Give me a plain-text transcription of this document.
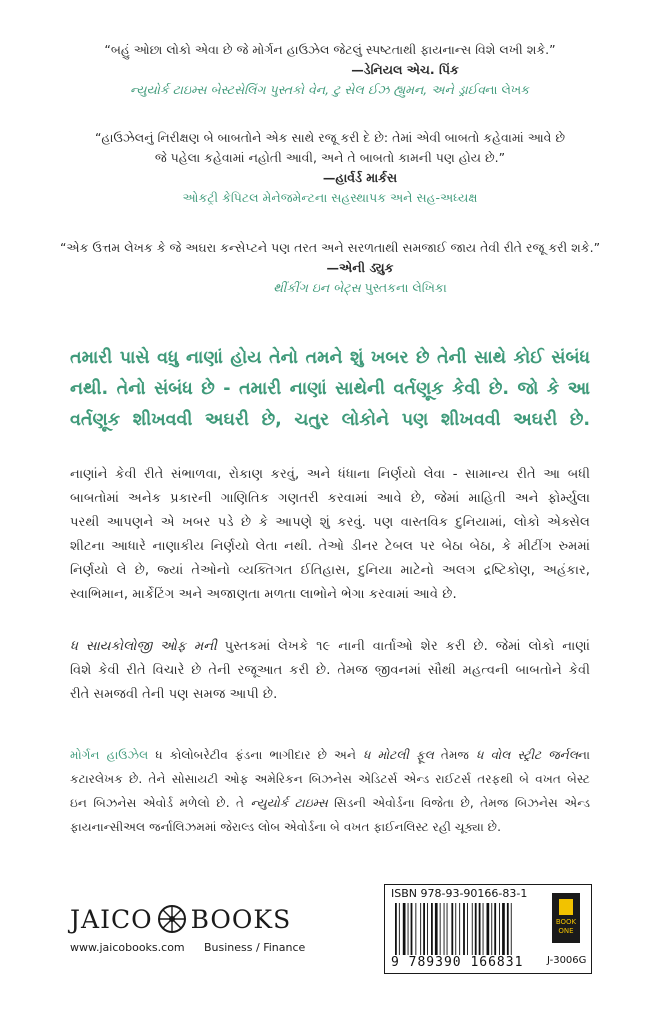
“બહું ઓછા લોકો એવા છે જે મોર્ગન હાઉઝેલ જેટલું સ્પષ્ટતાથી ફાયનાન્સ વિશે લખી શકે.”
—ડેનિયલ એચ. પિંક
ન્યુયોર્ક ટાઇમ્સ બેસ્ટસેલિંગ પુસ્તકો વેન, ટુ સેલ ઈઝ હ્યુમન, અને ડ્રાઈવના લેખક
“હાઉઝેલનું નિરીક્ષણ બે બાબતોને એક સાથે રજૂ કરી દે છે: તેમાં એવી બાબતો કહેવામાં આવે છે
જે પહેલા કહેવામાં નહોતી આવી, અને તે બાબતો કામની પણ હોય છે.”
—હાર્વર્ડ માર્કસ
ઓકટ્રી કેપિટલ મેનેજમેન્ટના સહસ્થાપક અને સહ-અધ્યક્ષ
“એક ઉત્તમ લેખક કે જે અઘરા કન્સેપ્ટને પણ તરત અને સરળતાથી સમજાઈ જાય તેવી રીતે રજૂ કરી શકે.”
—એની ડ્યુક
થીંકીંગ ઇન બેટ્સ પુસ્તકના લેખિકા
તમારી પાસે વધુ નાણાં હોય તેનો તમને શું ખબર છે તેની સાથે કોઈ સંબંધ નથી. તેનો સંબંધ છે - તમારી નાણાં સાથેની વર્તણૂક કેવી છે. જો કે આ વર્તણૂક શીખવવી અઘરી છે, ચતુર લોકોને પણ શીખવવી અઘરી છે.
નાણાંને કેવી રીતે સંભાળવા, રોકાણ કરવું, અને ધંધાના નિર્ણયો લેવા - સામાન્ય રીતે આ બધી
બાબતોમાં અનેક પ્રકારની ગાણિતિક ગણતરી કરવામાં આવે છે, જેમાં માહિતી અને ફોર્મ્યુલા
પરથી આપણને એ ખબર પડે છે કે આપણે શું કરવું. પણ વાસ્તવિક દુનિયામાં, લોકો એક્સેલ
શીટના આધારે નાણાકીય નિર્ણયો લેતા નથી. તેઓ ડીનર ટેબલ પર બેઠા બેઠા, કે મીટીંગ રુમમાં
નિર્ણયો લે છે, જ્યાં તેઓનો વ્યક્તિગત ઈતિહાસ, દુનિયા માટેનો અલગ દ્રષ્ટિકોણ, અહંકાર,
સ્વાભિમાન, માર્કેટિંગ અને અજાણતા મળતા લાભોને ભેગા કરવામાં આવે છે.
ધ સાયકોલોજી ઓફ મની પુસ્તકમાં લેખકે ૧૯ નાની વાર્તાઓ શેર કરી છે. જેમાં લોકો નાણાં
વિશે કેવી રીતે વિચારે છે તેની રજૂઆત કરી છે. તેમજ જીવનમાં સૌથી મહત્વની બાબતોને કેવી
રીતે સમજવી તેની પણ સમજ આપી છે.
મોર્ગન હાઉઝેલ ધ કોલોબરેટીવ ફંડના ભાગીદાર છે અને ધ મોટલી ફૂલ તેમજ ધ વોલ સ્ટ્રીટ જર્નલના
કટારલેખક છે. તેને સોસાયટી ઓફ અમેરિકન બિઝનેસ એડિટર્સ એન્ડ રાઈટર્સ તરફથી બે વખત બેસ્ટ
ઇન બિઝનેસ એવોર્ડ મળેલો છે. તે ન્યુયોર્ક ટાઇમ્સ સિડની એવોર્ડના વિજેતા છે, તેમજ બિઝનેસ એન્ડ
ફાયનાન્સીઅલ જર્નાલિઝમમાં જેરાલ્ડ લોબ એવોર્ડના બે વખત ફાઈનલિસ્ટ રહી ચૂક્યા છે.
JAICO BOOKS
www.jaicobooks.com Business / Finance
ISBN 978-93-90166-83-1
9 789390 166831
BOOK ONE
J-3006G
